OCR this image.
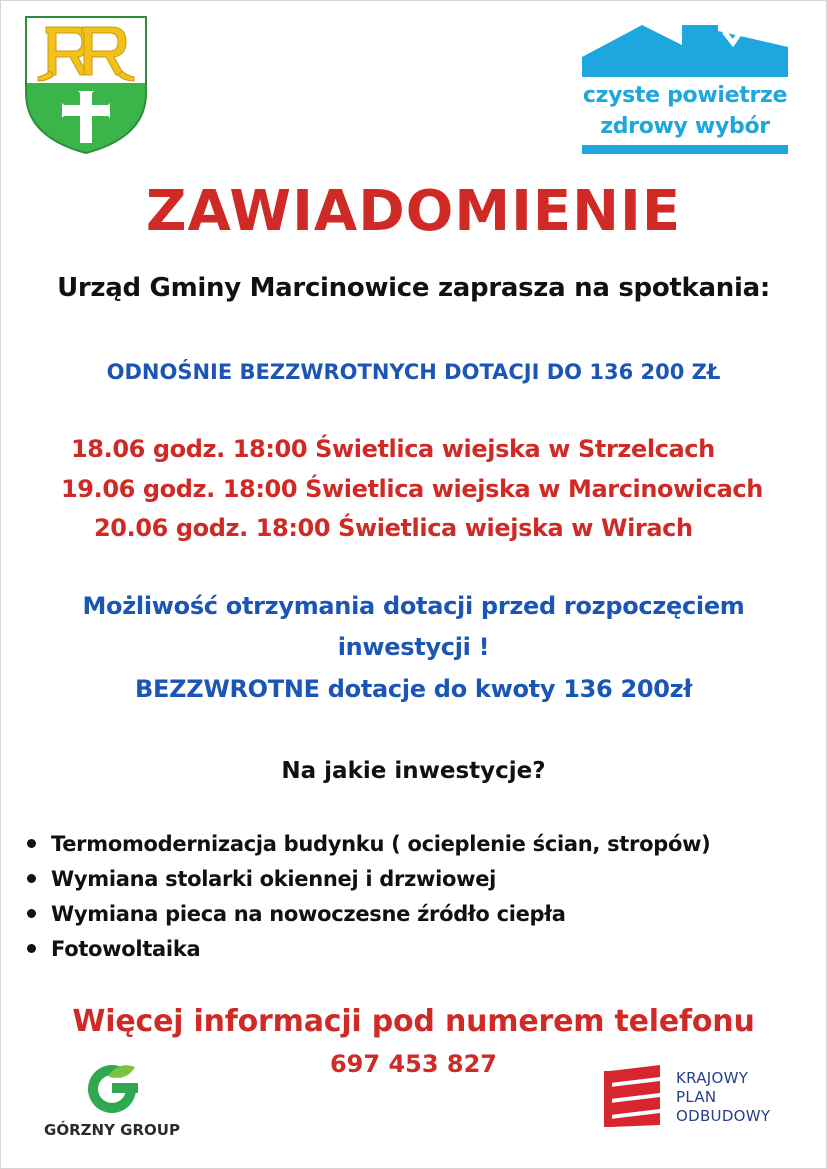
czyste powietrze
zdrowy wybór
ZAWIADOMIENIE
Urząd Gminy Marcinowice zaprasza na spotkania:
ODNOŚNIE BEZZWROTNYCH DOTACJI DO 136 200 ZŁ
18.06 godz. 18:00 Świetlica wiejska w Strzelcach
19.06 godz. 18:00 Świetlica wiejska w Marcinowicach
20.06 godz. 18:00 Świetlica wiejska w Wirach
Możliwość otrzymania dotacji przed rozpoczęciem
inwestycji !
BEZZWROTNE dotacje do kwoty 136 200zł
Na jakie inwestycje?
Termomodernizacja budynku ( ocieplenie ścian, stropów)
Wymiana stolarki okiennej i drzwiowej
Wymiana pieca na nowoczesne źródło ciepła
Fotowoltaika
Więcej informacji pod numerem telefonu
697 453 827
GÓRZNY GROUP
KRAJOWY
PLAN
ODBUDOWY
